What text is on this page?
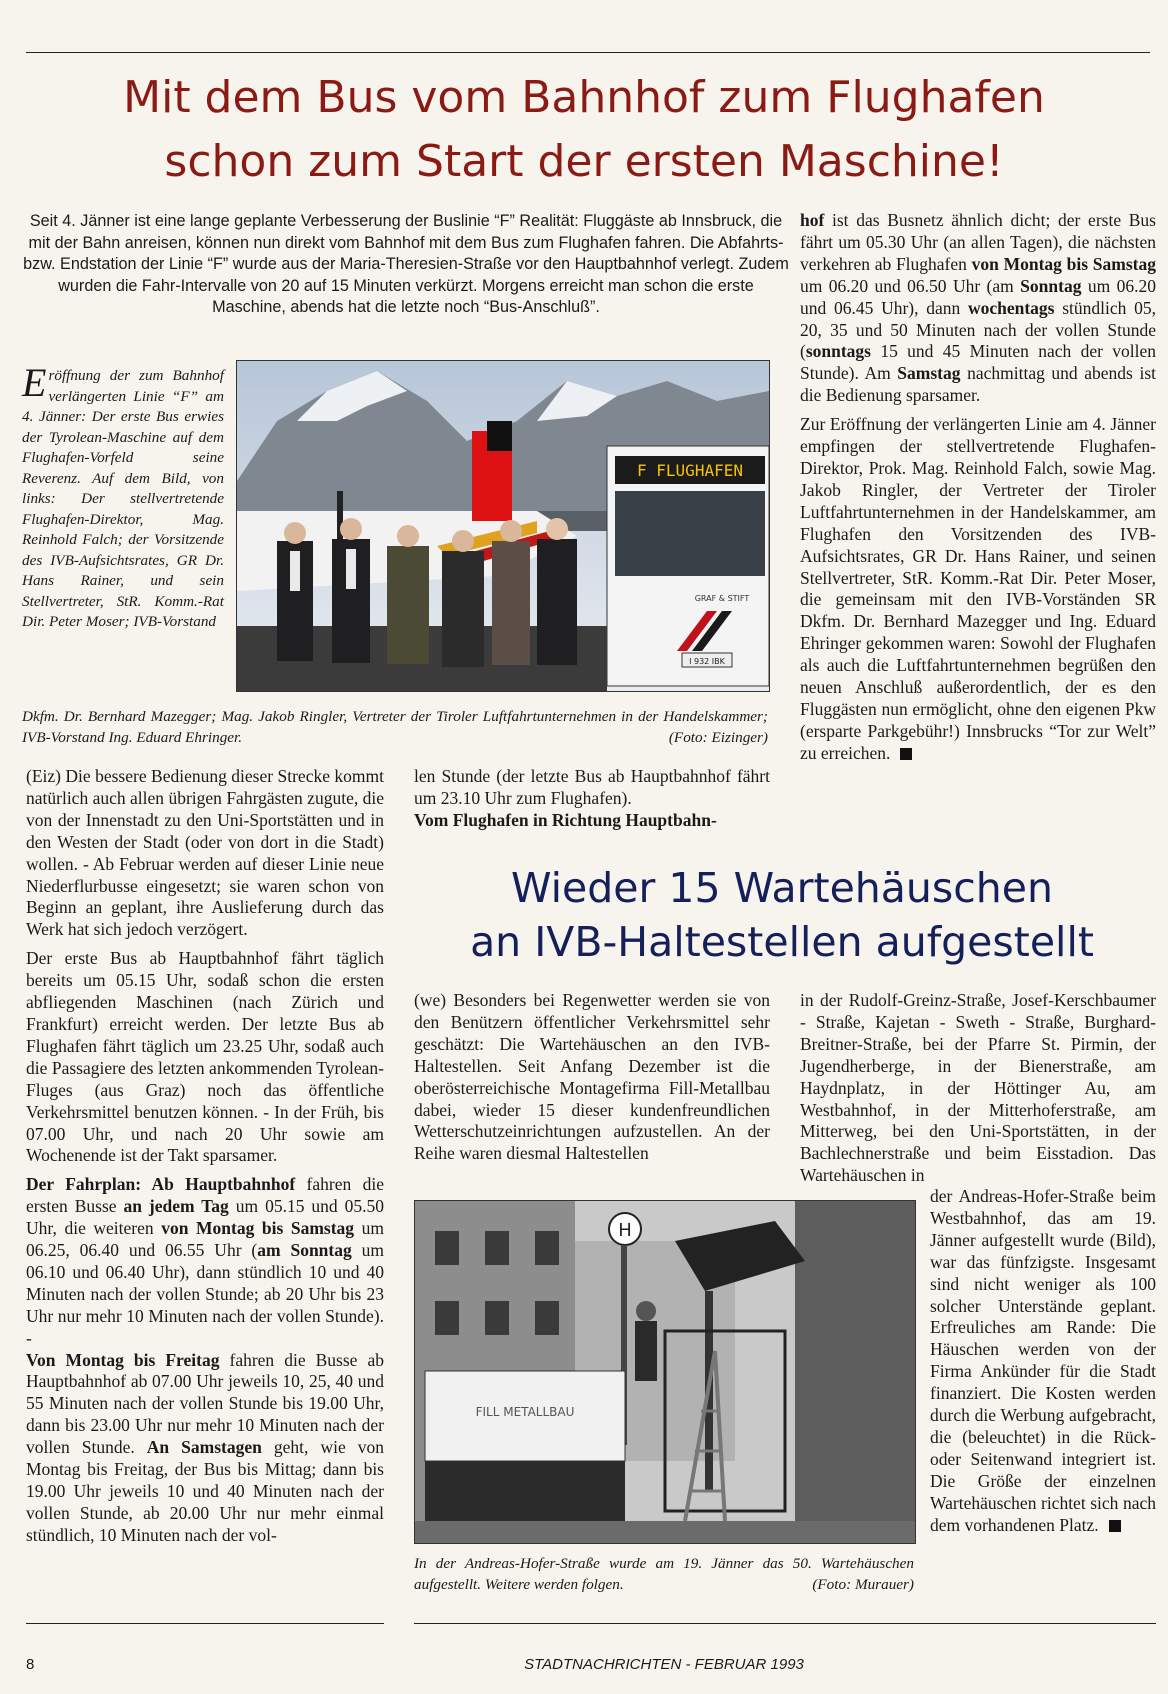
Mit dem Bus vom Bahnhof zum Flughafen
schon zum Start der ersten Maschine!
Seit 4. Jänner ist eine lange geplante Verbesserung der Buslinie “F” Realität: Fluggäste ab Innsbruck, die mit der Bahn anreisen, können nun direkt vom Bahnhof mit dem Bus zum Flughafen fahren. Die Abfahrts- bzw. Endstation der Linie “F” wurde aus der Maria-Theresien-Straße vor den Hauptbahnhof verlegt. Zudem wurden die Fahr-Intervalle von 20 auf 15 Minuten verkürzt. Morgens erreicht man schon die erste Maschine, abends hat die letzte noch “Bus-Anschluß”.
Eröffnung der zum Bahnhof verlängerten Linie “F” am 4. Jänner: Der erste Bus erwies der Tyrolean-Maschine auf dem Flughafen-Vorfeld seine Reverenz. Auf dem Bild, von links: Der stellvertretende Flughafen-Direktor, Mag. Reinhold Falch; der Vorsitzende des IVB-Aufsichtsrates, GR Dr. Hans Rainer, und sein Stellvertreter, StR. Komm.-Rat Dir. Peter Moser; IVB-Vorstand
F FLUGHAFEN
GRAF & STIFT
I 932 IBK
Dkfm. Dr. Bernhard Mazegger; Mag. Jakob Ringler, Vertreter der Tiroler Luftfahrtunternehmen in der Handelskammer; IVB-Vorstand Ing. Eduard Ehringer.	(Foto: Eizinger)

(Eiz) Die bessere Bedienung dieser Strecke kommt natürlich auch allen übrigen Fahrgästen zugute, die von der Innenstadt zu den Uni-Sportstätten und in den Westen der Stadt (oder von dort in die Stadt) wollen. - Ab Februar werden auf dieser Linie neue Niederflurbusse eingesetzt; sie waren schon von Beginn an geplant, ihre Auslieferung durch das Werk hat sich jedoch verzögert.

Der erste Bus ab Hauptbahnhof fährt täglich bereits um 05.15 Uhr, sodaß schon die ersten abfliegenden Maschinen (nach Zürich und Frankfurt) erreicht werden. Der letzte Bus ab Flughafen fährt täglich um 23.25 Uhr, sodaß auch die Passagiere des letzten ankommenden Tyrolean-Fluges (aus Graz) noch das öffentliche Verkehrsmittel benutzen können. - In der Früh, bis 07.00 Uhr, und nach 20 Uhr sowie am Wochenende ist der Takt sparsamer.

Der Fahrplan: Ab Hauptbahnhof fahren die ersten Busse an jedem Tag um 05.15 und 05.50 Uhr, die weiteren von Montag bis Samstag um 06.25, 06.40 und 06.55 Uhr (am Sonntag um 06.10 und 06.40 Uhr), dann stündlich 10 und 40 Minuten nach der vollen Stunde; ab 20 Uhr bis 23 Uhr nur mehr 10 Minuten nach der vollen Stunde). -

Von Montag bis Freitag fahren die Busse ab Hauptbahnhof ab 07.00 Uhr jeweils 10, 25, 40 und 55 Minuten nach der vollen Stunde bis 19.00 Uhr, dann bis 23.00 Uhr nur mehr 10 Minuten nach der vollen Stunde. An Samstagen geht, wie von Montag bis Freitag, der Bus bis Mittag; dann bis 19.00 Uhr jeweils 10 und 40 Minuten nach der vollen Stunde, ab 20.00 Uhr nur mehr einmal stündlich, 10 Minuten nach der vol-

len Stunde (der letzte Bus ab Hauptbahnhof fährt um 23.10 Uhr zum Flughafen).
Vom Flughafen in Richtung Hauptbahn-

hof ist das Busnetz ähnlich dicht; der erste Bus fährt um 05.30 Uhr (an allen Tagen), die nächsten verkehren ab Flughafen von Montag bis Samstag um 06.20 und 06.50 Uhr (am Sonntag um 06.20 und 06.45 Uhr), dann wochentags stündlich 05, 20, 35 und 50 Minuten nach der vollen Stunde (sonntags 15 und 45 Minuten nach der vollen Stunde). Am Samstag nachmittag und abends ist die Bedienung sparsamer.

Zur Eröffnung der verlängerten Linie am 4. Jänner empfingen der stellvertretende Flughafen-Direktor, Prok. Mag. Reinhold Falch, sowie Mag. Jakob Ringler, der Vertreter der Tiroler Luftfahrtunternehmen in der Handelskammer, am Flughafen den Vorsitzenden des IVB-Aufsichtsrates, GR Dr. Hans Rainer, und seinen Stellvertreter, StR. Komm.-Rat Dir. Peter Moser, die gemeinsam mit den IVB-Vorständen SR Dkfm. Dr. Bernhard Mazegger und Ing. Eduard Ehringer gekommen waren: Sowohl der Flughafen als auch die Luftfahrtunternehmen begrüßen den neuen Anschluß außerordentlich, der es den Fluggästen nun ermöglicht, ohne den eigenen Pkw (ersparte Parkgebühr!) Innsbrucks “Tor zur Welt” zu erreichen.

Wieder 15 Wartehäuschen
an IVB-Haltestellen aufgestellt

(we) Besonders bei Regenwetter werden sie von den Benützern öffentlicher Verkehrsmittel sehr geschätzt: Die Wartehäuschen an den IVB-Haltestellen. Seit Anfang Dezember ist die oberösterreichische Montagefirma Fill-Metallbau dabei, wieder 15 dieser kundenfreundlichen Wetterschutzeinrichtungen aufzustellen. An der Reihe waren diesmal Haltestellen

in der Rudolf-Greinz-Straße, Josef-Kerschbaumer - Straße, Kajetan - Sweth - Straße, Burghard-Breitner-Straße, bei der Pfarre St. Pirmin, der Jugendherberge, in der Bienerstraße, am Haydnplatz, in der Höttinger Au, am Westbahnhof, in der Mitterhoferstraße, am Mitterweg, bei den Uni-Sportstätten, in der Bachlechnerstraße und beim Eisstadion. Das Wartehäuschen in

H
FILL METALLBAU
In der Andreas-Hofer-Straße wurde am 19. Jänner das 50. Wartehäuschen aufgestellt. Weitere werden folgen.	(Foto: Murauer)

der Andreas-Hofer-Straße beim Westbahnhof, das am 19. Jänner aufgestellt wurde (Bild), war das fünfzigste. Insgesamt sind nicht weniger als 100 solcher Unterstände geplant. Erfreuliches am Rande: Die Häuschen werden von der Firma Ankünder für die Stadt finanziert. Die Kosten werden durch die Werbung aufgebracht, die (beleuchtet) in die Rück- oder Seitenwand integriert ist. Die Größe der einzelnen Wartehäuschen richtet sich nach dem vorhandenen Platz.

8	STADTNACHRICHTEN - FEBRUAR 1993
